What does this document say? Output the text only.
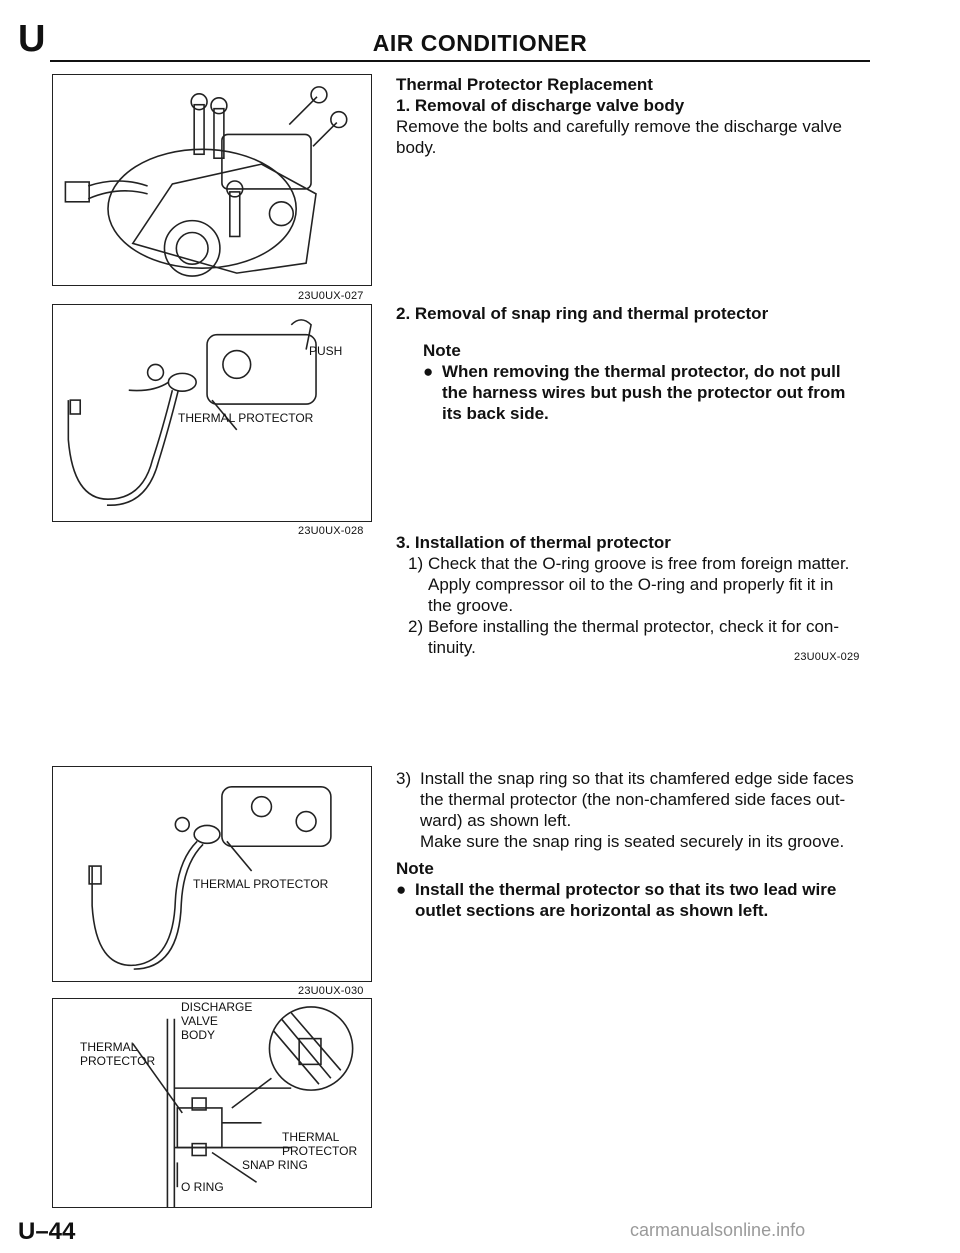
U	AIR CONDITIONER
23U0UX-027
PUSH
THERMAL PROTECTOR
23U0UX-028
THERMAL PROTECTOR
23U0UX-030
DISCHARGE
VALVE
BODY
THERMAL
PROTECTOR
THERMAL
PROTECTOR
SNAP RING
O RING
Thermal Protector Replacement
1. Removal of discharge valve body
Remove the bolts and carefully remove the discharge valve
body.
2. Removal of snap ring and thermal protector
Note
● When removing the thermal protector, do not pull
the harness wires but push the protector out from
its back side.
3. Installation of thermal protector
1) Check that the O-ring groove is free from foreign matter.
Apply compressor oil to the O-ring and properly fit it in
the groove.
2) Before installing the thermal protector, check it for con-
tinuity.	23U0UX-029
3) Install the snap ring so that its chamfered edge side faces
the thermal protector (the non-chamfered side faces out-
ward) as shown left.
Make sure the snap ring is seated securely in its groove.
Note
● Install the thermal protector so that its two lead wire
outlet sections are horizontal as shown left.
U–44	carmanualsonline.info
